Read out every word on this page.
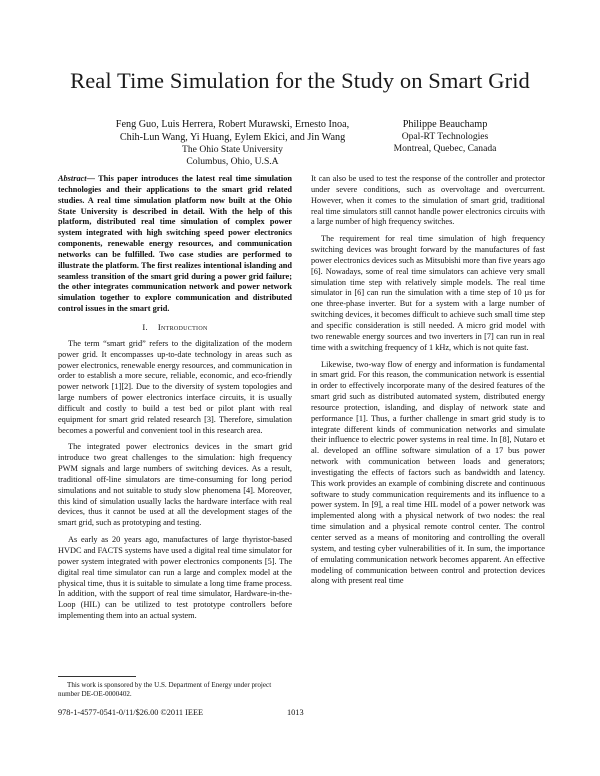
Real Time Simulation for the Study on Smart Grid
Feng Guo, Luis Herrera, Robert Murawski, Ernesto Inoa,
Chih-Lun Wang, Yi Huang, Eylem Ekici, and Jin Wang
The Ohio State University
Columbus, Ohio, U.S.A
Philippe Beauchamp
Opal-RT Technologies
Montreal, Quebec, Canada

Abstract— This paper introduces the latest real time simulation technologies and their applications to the smart grid related studies. A real time simulation platform now built at the Ohio State University is described in detail. With the help of this platform, distributed real time simulation of complex power system integrated with high switching speed power electronics components, renewable energy resources, and communication networks can be fulfilled. Two case studies are performed to illustrate the platform. The first realizes intentional islanding and seamless transition of the smart grid during a power grid failure; the other integrates communication network and power network simulation together to explore communication and distributed control issues in the smart grid.

I. Introduction

The term “smart grid” refers to the digitalization of the modern power grid. It encompasses up-to-date technology in areas such as power electronics, renewable energy resources, and communication in order to establish a more secure, reliable, economic, and eco-friendly power network [1][2]. Due to the diversity of system topologies and large numbers of power electronics interface circuits, it is usually difficult and costly to build a test bed or pilot plant with real equipment for smart grid related research [3]. Therefore, simulation becomes a powerful and convenient tool in this research area.

The integrated power electronics devices in the smart grid introduce two great challenges to the simulation: high frequency PWM signals and large numbers of switching devices. As a result, traditional off-line simulators are time-consuming for long period simulations and not suitable to study slow phenomena [4]. Moreover, this kind of simulation usually lacks the hardware interface with real devices, thus it cannot be used at all the development stages of the smart grid, such as prototyping and testing.

As early as 20 years ago, manufactures of large thyristor-based HVDC and FACTS systems have used a digital real time simulator for power system integrated with power electronics components [5]. The digital real time simulator can run a large and complex model at the physical time, thus it is suitable to simulate a long time frame process. In addition, with the support of real time simulator, Hardware-in-the-Loop (HIL) can be utilized to test prototype controllers before implementing them into an actual system.

It can also be used to test the response of the controller and protector under severe conditions, such as overvoltage and overcurrent. However, when it comes to the simulation of smart grid, traditional real time simulators still cannot handle power electronics circuits with a large number of high frequency switches.

The requirement for real time simulation of high frequency switching devices was brought forward by the manufactures of fast power electronics devices such as Mitsubishi more than five years ago [6]. Nowadays, some of real time simulators can achieve very small simulation time step with relatively simple models. The real time simulator in [6] can run the simulation with a time step of 10 µs for one three-phase inverter. But for a system with a large number of switching devices, it becomes difficult to achieve such small time step and specific consideration is still needed. A micro grid model with two renewable energy sources and two inverters in [7] can run in real time with a switching frequency of 1 kHz, which is not quite fast.

Likewise, two-way flow of energy and information is fundamental in smart grid. For this reason, the communication network is essential in order to effectively incorporate many of the desired features of the smart grid such as distributed automated system, distributed energy resource protection, islanding, and display of network state and performance [1]. Thus, a further challenge in smart grid study is to integrate different kinds of communication networks and simulate their influence to electric power systems in real time. In [8], Nutaro et al. developed an offline software simulation of a 17 bus power network with communication between loads and generators; investigating the effects of factors such as bandwidth and latency. This work provides an example of combining discrete and continuous software to study communication requirements and its influence to a power system. In [9], a real time HIL model of a power network was implemented along with a physical network of two nodes: the real time simulation and a physical remote control center. The control center served as a means of monitoring and controlling the overall system, and testing cyber vulnerabilities of it. In sum, the importance of emulating communication network becomes apparent. An effective modeling of communication between control and protection devices along with present real time

This work is sponsored by the U.S. Department of Energy under project number DE-OE-0000402.
978-1-4577-0541-0/11/$26.00 ©2011 IEEE	1013
